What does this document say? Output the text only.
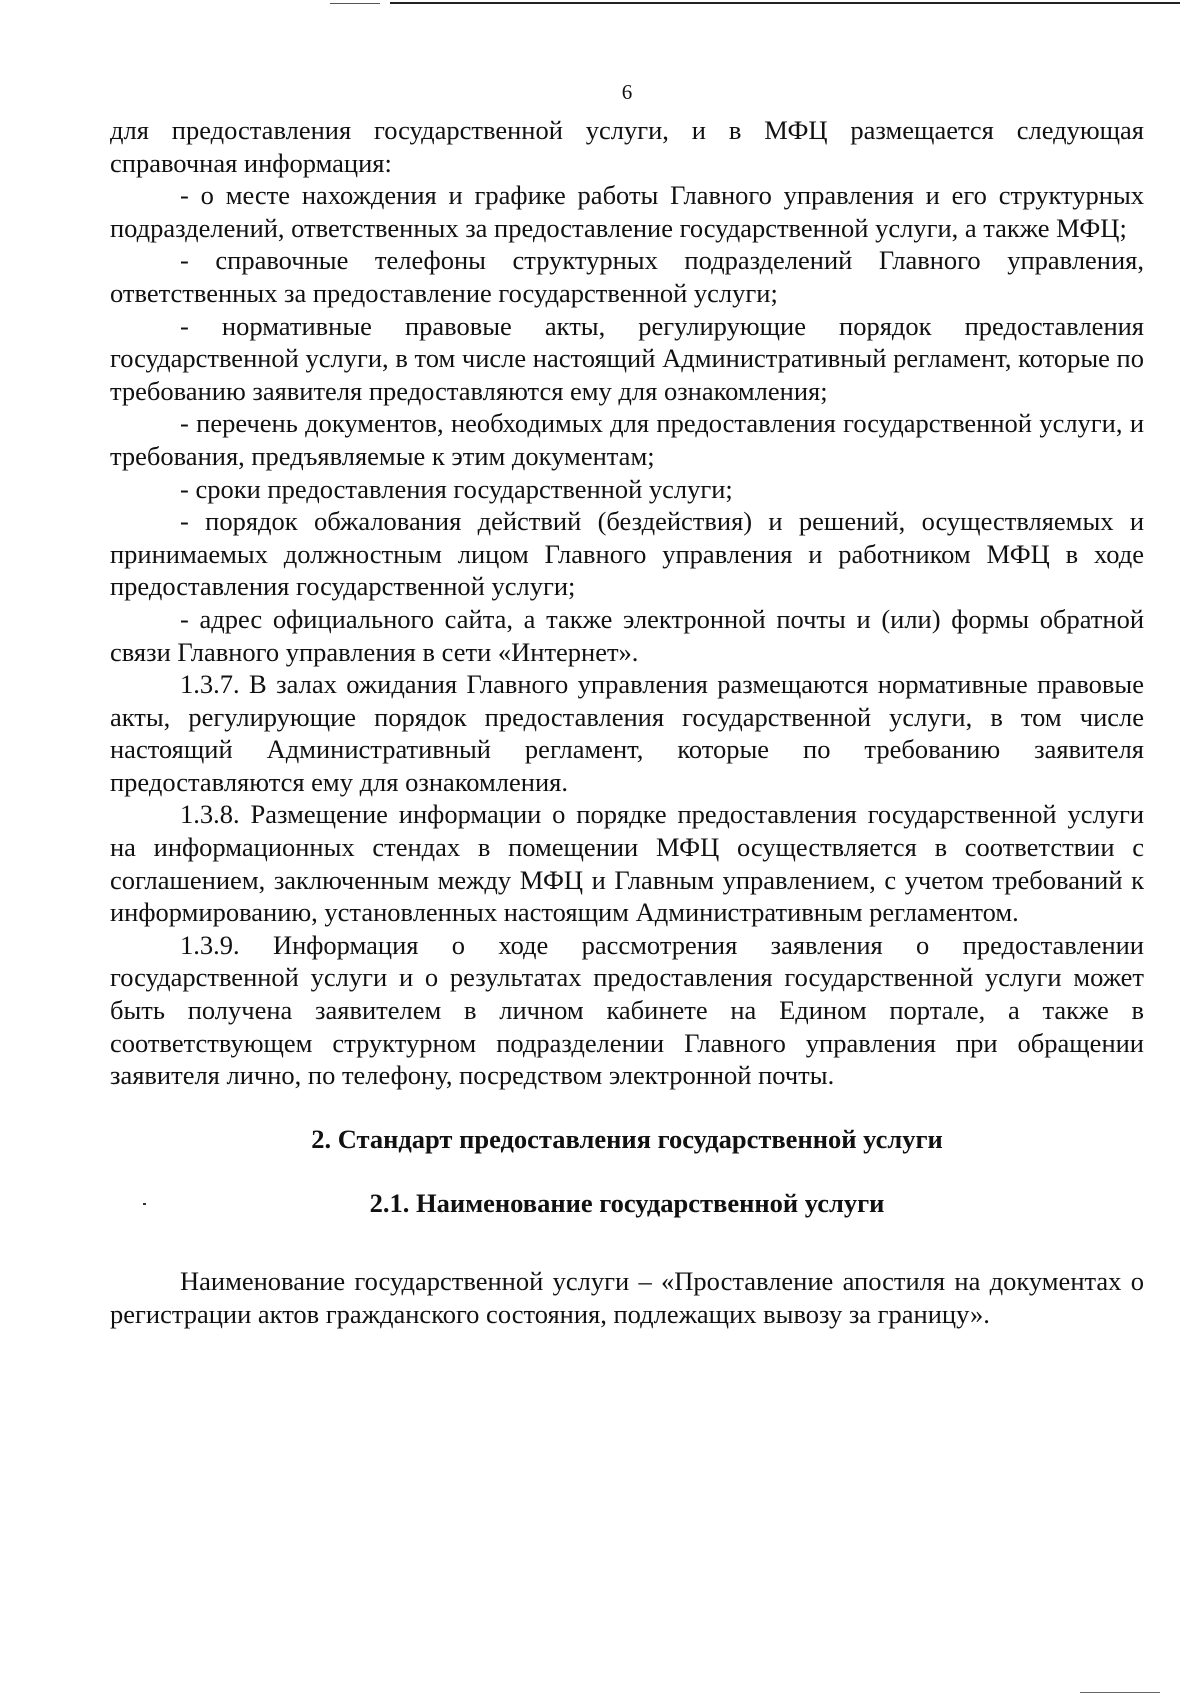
6

для предоставления государственной услуги, и в МФЦ размещается следующая справочная информация:

- о месте нахождения и графике работы Главного управления и его структурных подразделений, ответственных за предоставление государственной услуги, а также МФЦ;

- справочные телефоны структурных подразделений Главного управления, ответственных за предоставление государственной услуги;

- нормативные правовые акты, регулирующие порядок предоставления государственной услуги, в том числе настоящий Административный регламент, которые по требованию заявителя предоставляются ему для ознакомления;

- перечень документов, необходимых для предоставления государственной услуги, и требования, предъявляемые к этим документам;

- сроки предоставления государственной услуги;

- порядок обжалования действий (бездействия) и решений, осуществляемых и принимаемых должностным лицом Главного управления и работником МФЦ в ходе предоставления государственной услуги;

- адрес официального сайта, а также электронной почты и (или) формы обратной связи Главного управления в сети «Интернет».

1.3.7. В залах ожидания Главного управления размещаются нормативные правовые акты, регулирующие порядок предоставления государственной услуги, в том числе настоящий Административный регламент, которые по требованию заявителя предоставляются ему для ознакомления.

1.3.8. Размещение информации о порядке предоставления государственной услуги на информационных стендах в помещении МФЦ осуществляется в соответствии с соглашением, заключенным между МФЦ и Главным управлением, с учетом требований к информированию, установленных настоящим Административным регламентом.

1.3.9. Информация о ходе рассмотрения заявления о предоставлении государственной услуги и о результатах предоставления государственной услуги может быть получена заявителем в личном кабинете на Едином портале, а также в соответствующем структурном подразделении Главного управления при обращении заявителя лично, по телефону, посредством электронной почты.

2. Стандарт предоставления государственной услуги

2.1. Наименование государственной услуги

Наименование государственной услуги – «Проставление апостиля на документах о регистрации актов гражданского состояния, подлежащих вывозу за границу».
